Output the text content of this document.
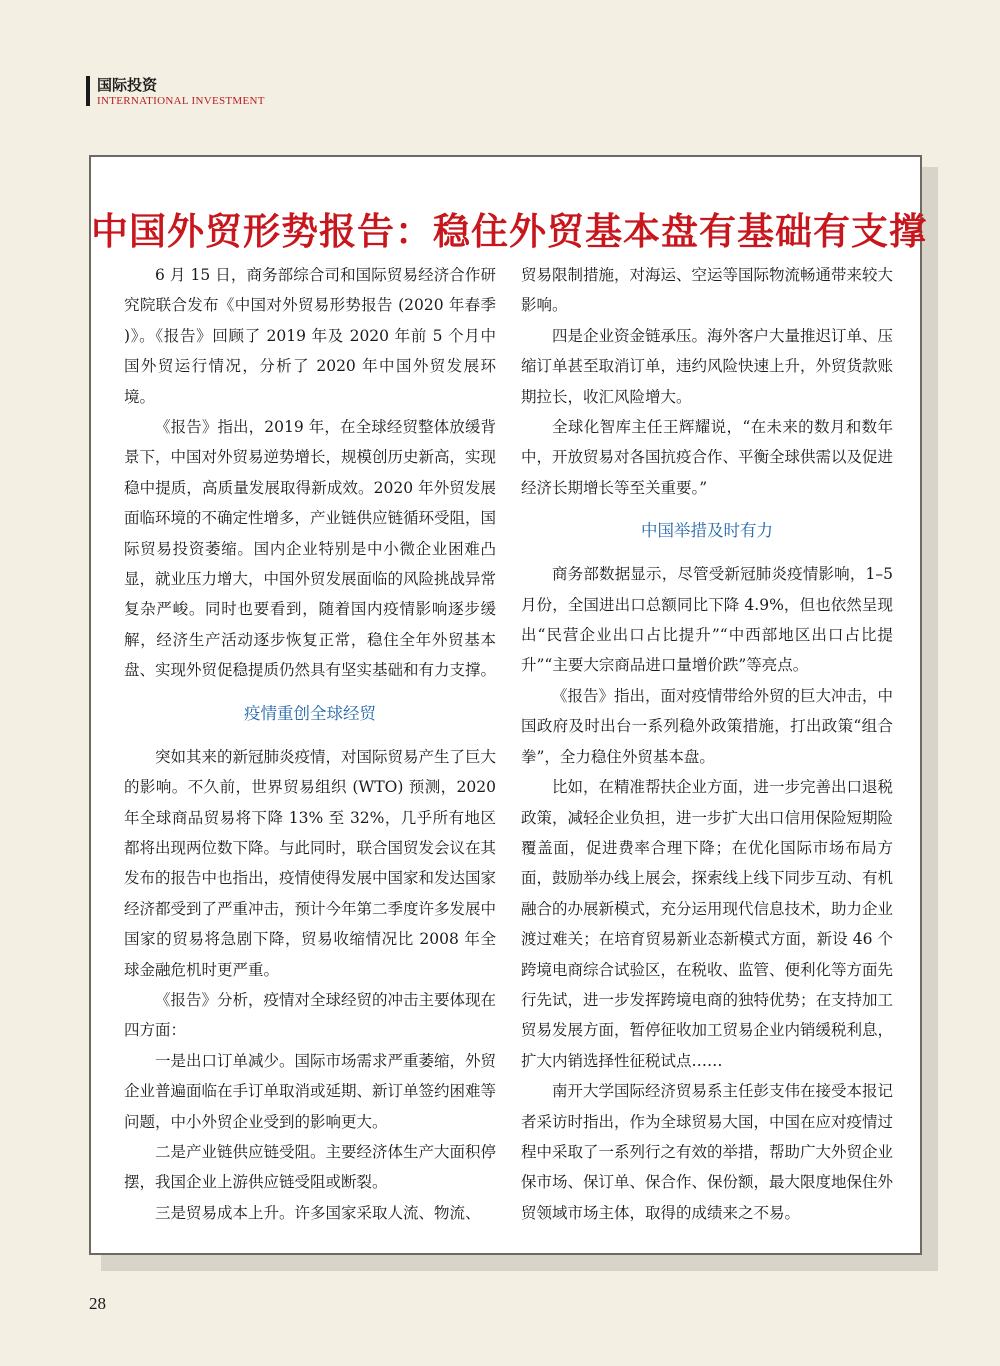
国际投资
INTERNATIONAL INVESTMENT
中国外贸形势报告：稳住外贸基本盘有基础有支撑

6 月 15 日，商务部综合司和国际贸易经济合作研究院联合发布《中国对外贸易形势报告 (2020 年春季 )》。《报告》回顾了 2019 年及 2020 年前 5 个月中国外贸运行情况，分析了 2020 年中国外贸发展环境。

《报告》指出，2019 年，在全球经贸整体放缓背景下，中国对外贸易逆势增长，规模创历史新高，实现稳中提质，高质量发展取得新成效。2020 年外贸发展面临环境的不确定性增多，产业链供应链循环受阻，国际贸易投资萎缩。国内企业特别是中小微企业困难凸显，就业压力增大，中国外贸发展面临的风险挑战异常复杂严峻。同时也要看到，随着国内疫情影响逐步缓解，经济生产活动逐步恢复正常，稳住全年外贸基本盘、实现外贸促稳提质仍然具有坚实基础和有力支撑。

疫情重创全球经贸

突如其来的新冠肺炎疫情，对国际贸易产生了巨大的影响。不久前，世界贸易组织 (WTO) 预测，2020 年全球商品贸易将下降 13% 至 32%，几乎所有地区都将出现两位数下降。与此同时，联合国贸发会议在其发布的报告中也指出，疫情使得发展中国家和发达国家经济都受到了严重冲击，预计今年第二季度许多发展中国家的贸易将急剧下降，贸易收缩情况比 2008 年全球金融危机时更严重。

《报告》分析，疫情对全球经贸的冲击主要体现在四方面：

一是出口订单减少。国际市场需求严重萎缩，外贸企业普遍面临在手订单取消或延期、新订单签约困难等问题，中小外贸企业受到的影响更大。

二是产业链供应链受阻。主要经济体生产大面积停摆，我国企业上游供应链受阻或断裂。

三是贸易成本上升。许多国家采取人流、物流、

贸易限制措施，对海运、空运等国际物流畅通带来较大影响。

四是企业资金链承压。海外客户大量推迟订单、压缩订单甚至取消订单，违约风险快速上升，外贸货款账期拉长，收汇风险增大。

全球化智库主任王辉耀说，“在未来的数月和数年中，开放贸易对各国抗疫合作、平衡全球供需以及促进经济长期增长等至关重要。”

中国举措及时有力

商务部数据显示，尽管受新冠肺炎疫情影响，1–5 月份，全国进出口总额同比下降 4.9%，但也依然呈现出“民营企业出口占比提升”“中西部地区出口占比提升”“主要大宗商品进口量增价跌”等亮点。

《报告》指出，面对疫情带给外贸的巨大冲击，中国政府及时出台一系列稳外政策措施，打出政策“组合拳”，全力稳住外贸基本盘。

比如，在精准帮扶企业方面，进一步完善出口退税政策，减轻企业负担，进一步扩大出口信用保险短期险覆盖面，促进费率合理下降；在优化国际市场布局方面，鼓励举办线上展会，探索线上线下同步互动、有机融合的办展新模式，充分运用现代信息技术，助力企业渡过难关；在培育贸易新业态新模式方面，新设 46 个跨境电商综合试验区，在税收、监管、便利化等方面先行先试，进一步发挥跨境电商的独特优势；在支持加工贸易发展方面，暂停征收加工贸易企业内销缓税利息，扩大内销选择性征税试点……

南开大学国际经济贸易系主任彭支伟在接受本报记者采访时指出，作为全球贸易大国，中国在应对疫情过程中采取了一系列行之有效的举措，帮助广大外贸企业保市场、保订单、保合作、保份额，最大限度地保住外贸领域市场主体，取得的成绩来之不易。

28
